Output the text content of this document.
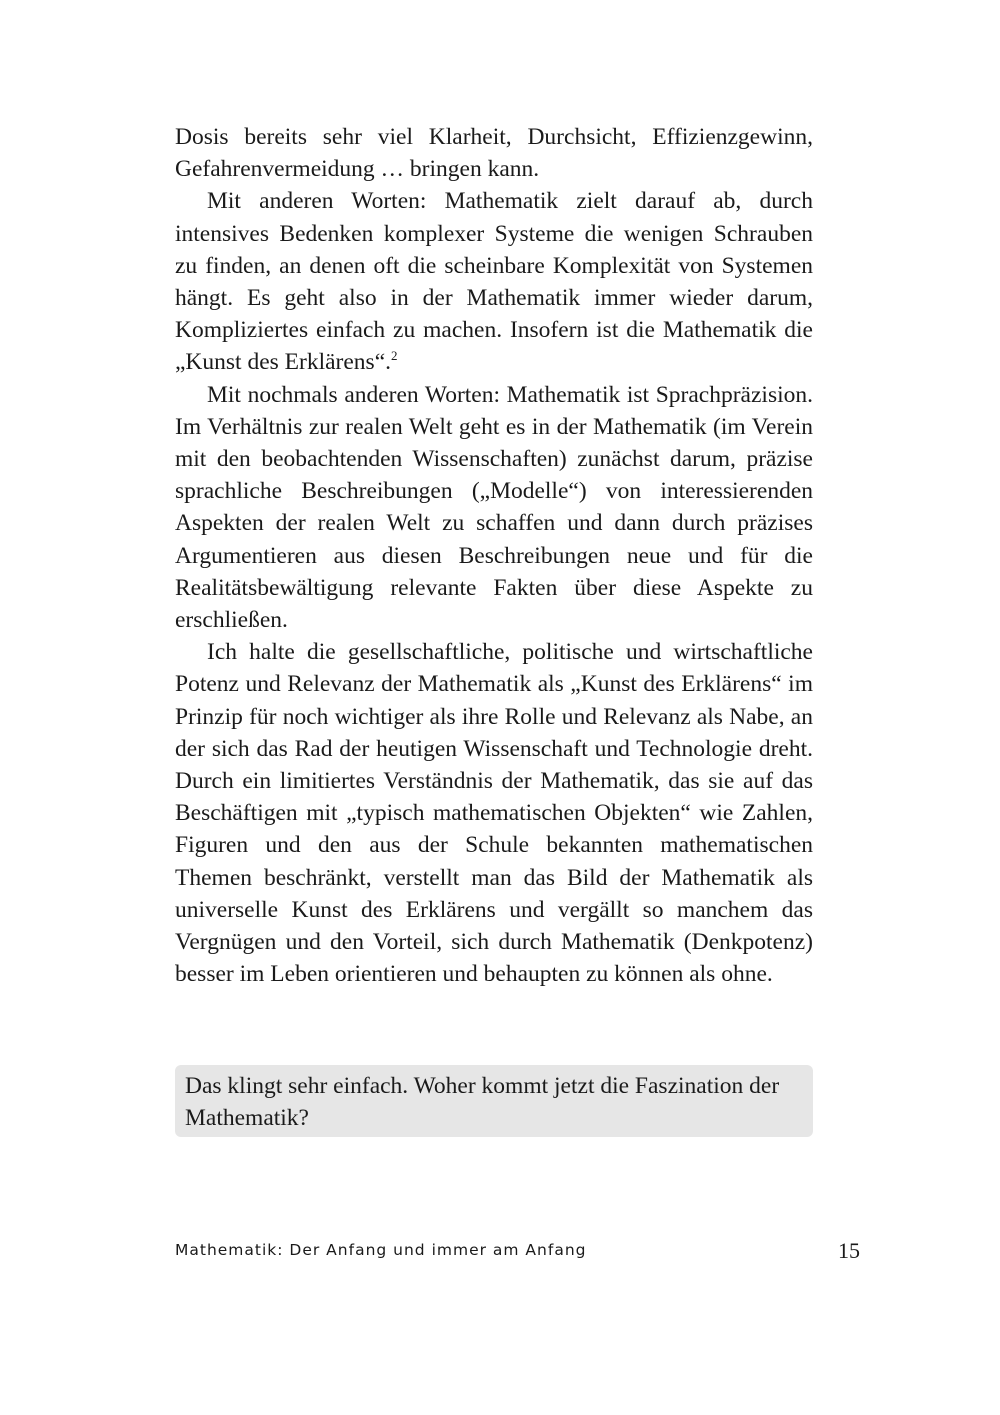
Dosis bereits sehr viel Klarheit, Durchsicht, Effizienzgewinn, Gefahrenvermeidung … bringen kann.

Mit anderen Worten: Mathematik zielt darauf ab, durch intensives Bedenken komplexer Systeme die wenigen Schrauben zu finden, an denen oft die scheinbare Komplexität von Systemen hängt. Es geht also in der Mathematik immer wieder darum, Kompliziertes einfach zu machen. Insofern ist die Mathematik die „Kunst des Erklärens“.$^2$

Mit nochmals anderen Worten: Mathematik ist Sprachpräzision. Im Verhältnis zur realen Welt geht es in der Mathematik (im Verein mit den beobachtenden Wissenschaften) zunächst darum, präzise sprachliche Beschreibungen („Modelle“) von interessierenden Aspekten der realen Welt zu schaffen und dann durch präzises Argumentieren aus diesen Beschreibungen neue und für die Realitätsbewältigung relevante Fakten über diese Aspekte zu erschließen.

Ich halte die gesellschaftliche, politische und wirtschaftliche Potenz und Relevanz der Mathematik als „Kunst des Erklärens“ im Prinzip für noch wichtiger als ihre Rolle und Relevanz als Nabe, an der sich das Rad der heutigen Wissenschaft und Technologie dreht. Durch ein limitiertes Verständnis der Mathematik, das sie auf das Beschäftigen mit „typisch mathematischen Objekten“ wie Zahlen, Figuren und den aus der Schule bekannten mathematischen Themen beschränkt, verstellt man das Bild der Mathematik als universelle Kunst des Erklärens und vergällt so manchem das Vergnügen und den Vorteil, sich durch Mathematik (Denkpotenz) besser im Leben orientieren und behaupten zu können als ohne.

Das klingt sehr einfach. Woher kommt jetzt die Faszination der Mathematik?
Mathematik: Der Anfang und immer am Anfang	15
